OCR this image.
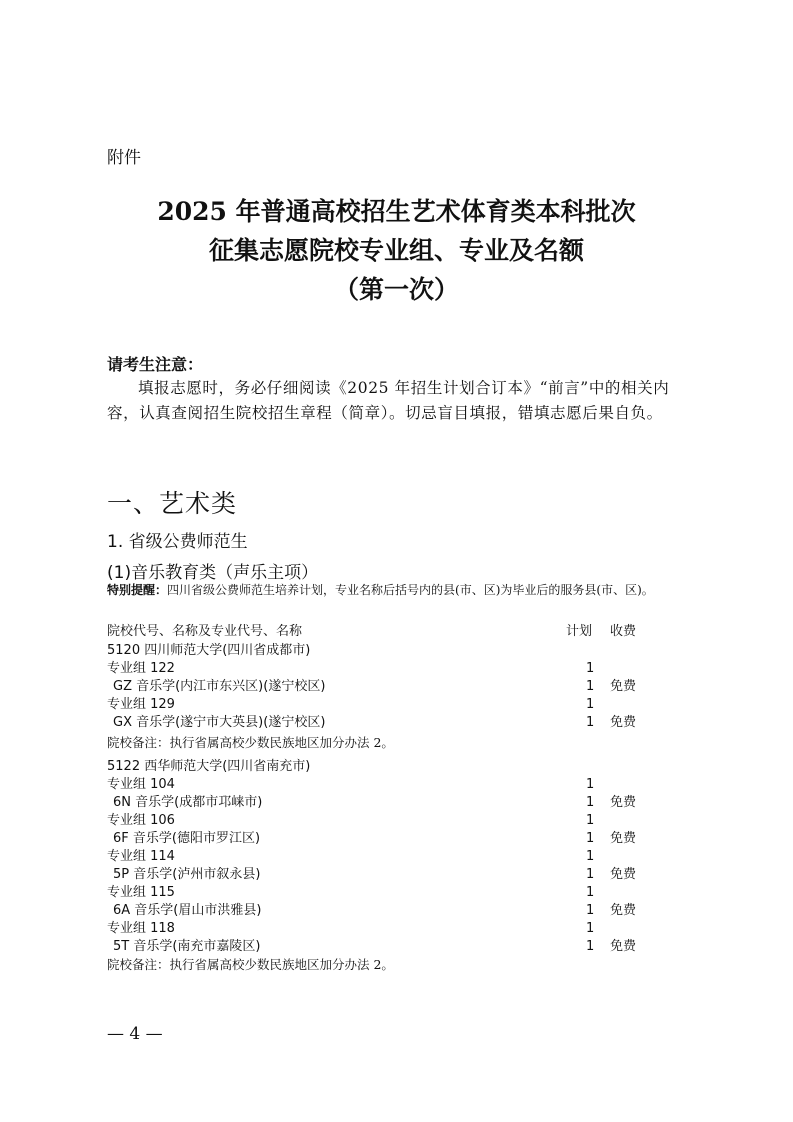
附件
2025 年普通高校招生艺术体育类本科批次
征集志愿院校专业组、专业及名额
（第一次）
请考生注意：
填报志愿时，务必仔细阅读《2025 年招生计划合订本》“前言”中的相关内容，认真查阅招生院校招生章程（简章）。切忌盲目填报，错填志愿后果自负。
一、艺术类
1. 省级公费师范生
(1)音乐教育类（声乐主项）
特别提醒：四川省级公费师范生培养计划，专业名称后括号内的县(市、区)为毕业后的服务县(市、区)。
院校代号、名称及专业代号、名称	计划 收费
5120 四川师范大学(四川省成都市)
专业组 122	1
GZ 音乐学(内江市东兴区)(遂宁校区)	1 免费
专业组 129	1
GX 音乐学(遂宁市大英县)(遂宁校区)	1 免费
院校备注：执行省属高校少数民族地区加分办法 2。
5122 西华师范大学(四川省南充市)
专业组 104	1
6N 音乐学(成都市邛崃市)	1 免费
专业组 106	1
6F 音乐学(德阳市罗江区)	1 免费
专业组 114	1
5P 音乐学(泸州市叙永县)	1 免费
专业组 115	1
6A 音乐学(眉山市洪雅县)	1 免费
专业组 118	1
5T 音乐学(南充市嘉陵区)	1 免费
院校备注：执行省属高校少数民族地区加分办法 2。
— 4 —
